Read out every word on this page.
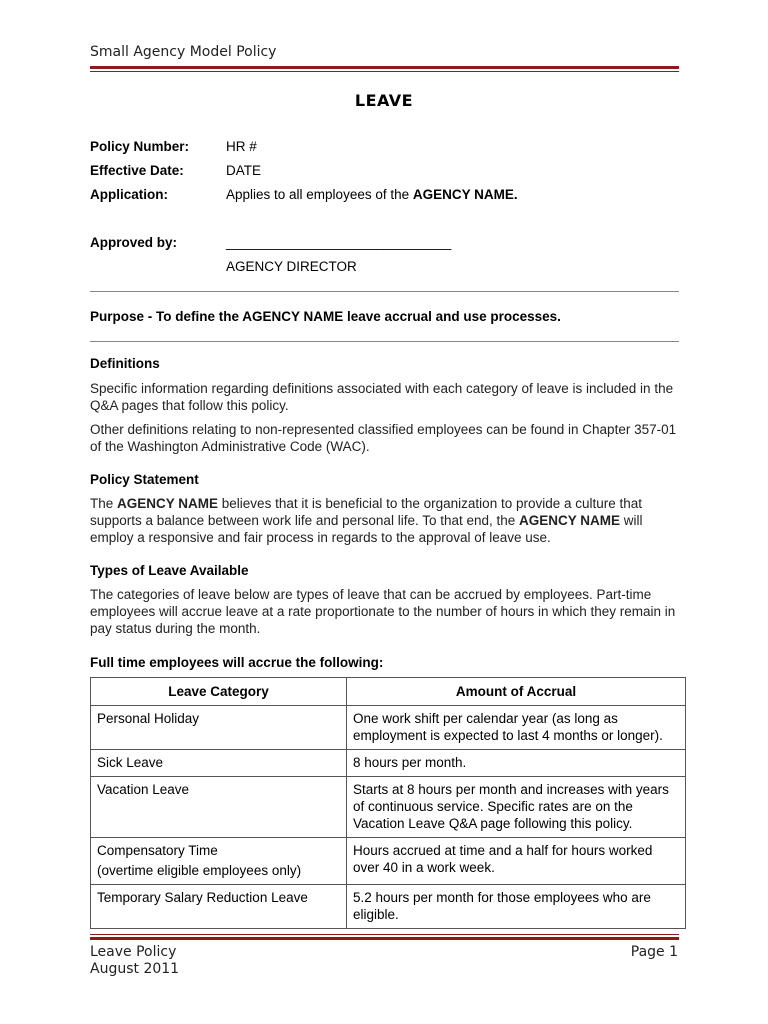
Small Agency Model Policy
LEAVE
Policy Number:	HR #
Effective Date:	DATE
Application:	Applies to all employees of the AGENCY NAME.
Approved by:	______________________________
AGENCY DIRECTOR
Purpose - To define the AGENCY NAME leave accrual and use processes.
Definitions
Specific information regarding definitions associated with each category of leave is included in the Q&A pages that follow this policy.
Other definitions relating to non-represented classified employees can be found in Chapter 357-01 of the Washington Administrative Code (WAC).
Policy Statement
The AGENCY NAME believes that it is beneficial to the organization to provide a culture that supports a balance between work life and personal life. To that end, the AGENCY NAME will employ a responsive and fair process in regards to the approval of leave use.
Types of Leave Available
The categories of leave below are types of leave that can be accrued by employees. Part-time employees will accrue leave at a rate proportionate to the number of hours in which they remain in pay status during the month.
Full time employees will accrue the following:
Leave Category	Amount of Accrual
Personal Holiday	One work shift per calendar year (as long as employment is expected to last 4 months or longer).
Sick Leave	8 hours per month.
Vacation Leave	Starts at 8 hours per month and increases with years of continuous service. Specific rates are on the Vacation Leave Q&A page following this policy.
Compensatory Time
(overtime eligible employees only)	Hours accrued at time and a half for hours worked over 40 in a work week.
Temporary Salary Reduction Leave	5.2 hours per month for those employees who are eligible.
Leave Policy
August 2011
Page 1
